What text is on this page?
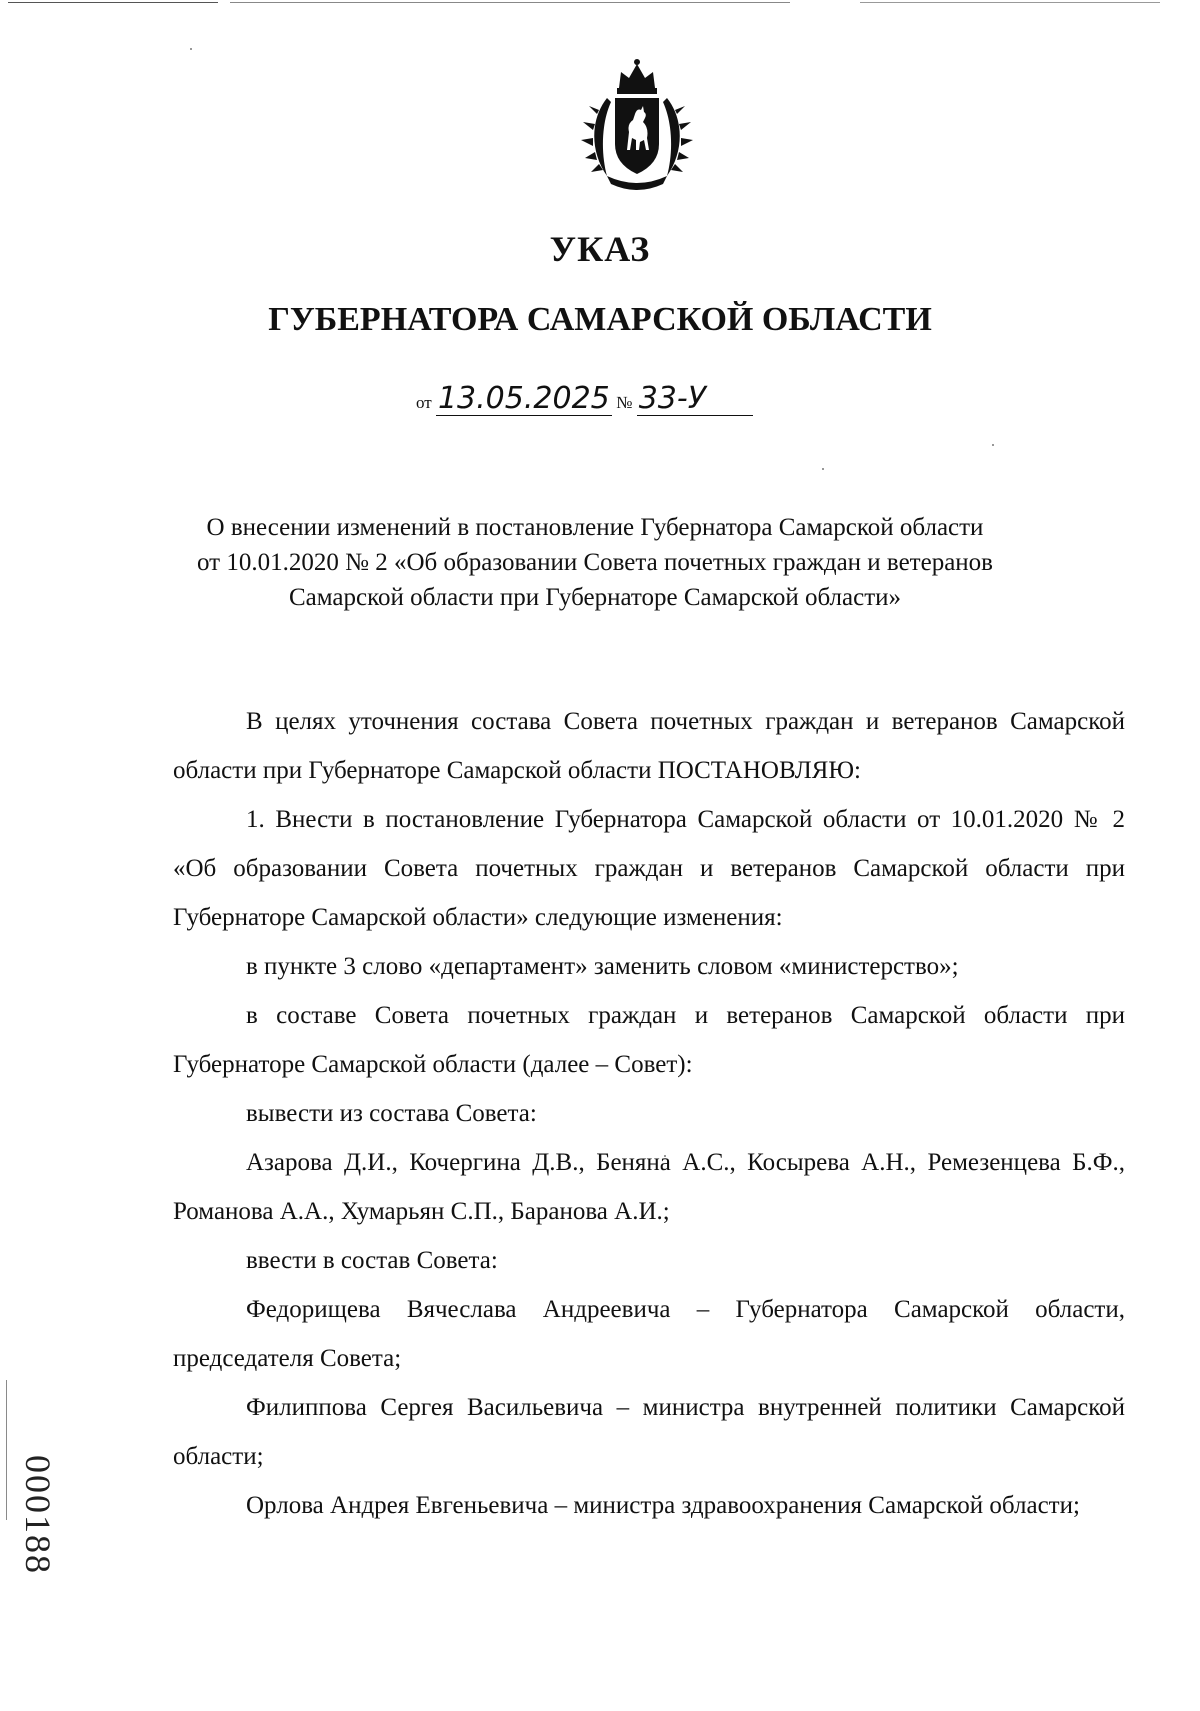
УКАЗ
ГУБЕРНАТОРА САМАРСКОЙ ОБЛАСТИ
от 13.05.2025 № 33-У
О внесении изменений в постановление Губернатора Самарской области
от 10.01.2020 № 2 «Об образовании Совета почетных граждан и ветеранов
Самарской области при Губернаторе Самарской области»

В целях уточнения состава Совета почетных граждан и ветеранов Самарской области при Губернаторе Самарской области ПОСТАНОВЛЯЮ:

1. Внести в постановление Губернатора Самарской области от 10.01.2020 № 2 «Об образовании Совета почетных граждан и ветеранов Самарской области при Губернаторе Самарской области» следующие изменения:

в пункте 3 слово «департамент» заменить словом «министерство»;

в составе Совета почетных граждан и ветеранов Самарской области при Губернаторе Самарской области (далее – Совет):

вывести из состава Совета:

Азарова Д.И., Кочергина Д.В., Беняна А.С., Косырева А.Н., Ремезенцева Б.Ф., Романова А.А., Хумарьян С.П., Баранова А.И.;

ввести в состав Совета:

Федорищева Вячеслава Андреевича – Губернатора Самарской области, председателя Совета;

Филиппова Сергея Васильевича – министра внутренней политики Самарской области;

Орлова Андрея Евгеньевича – министра здравоохранения Самарской области;

000188
